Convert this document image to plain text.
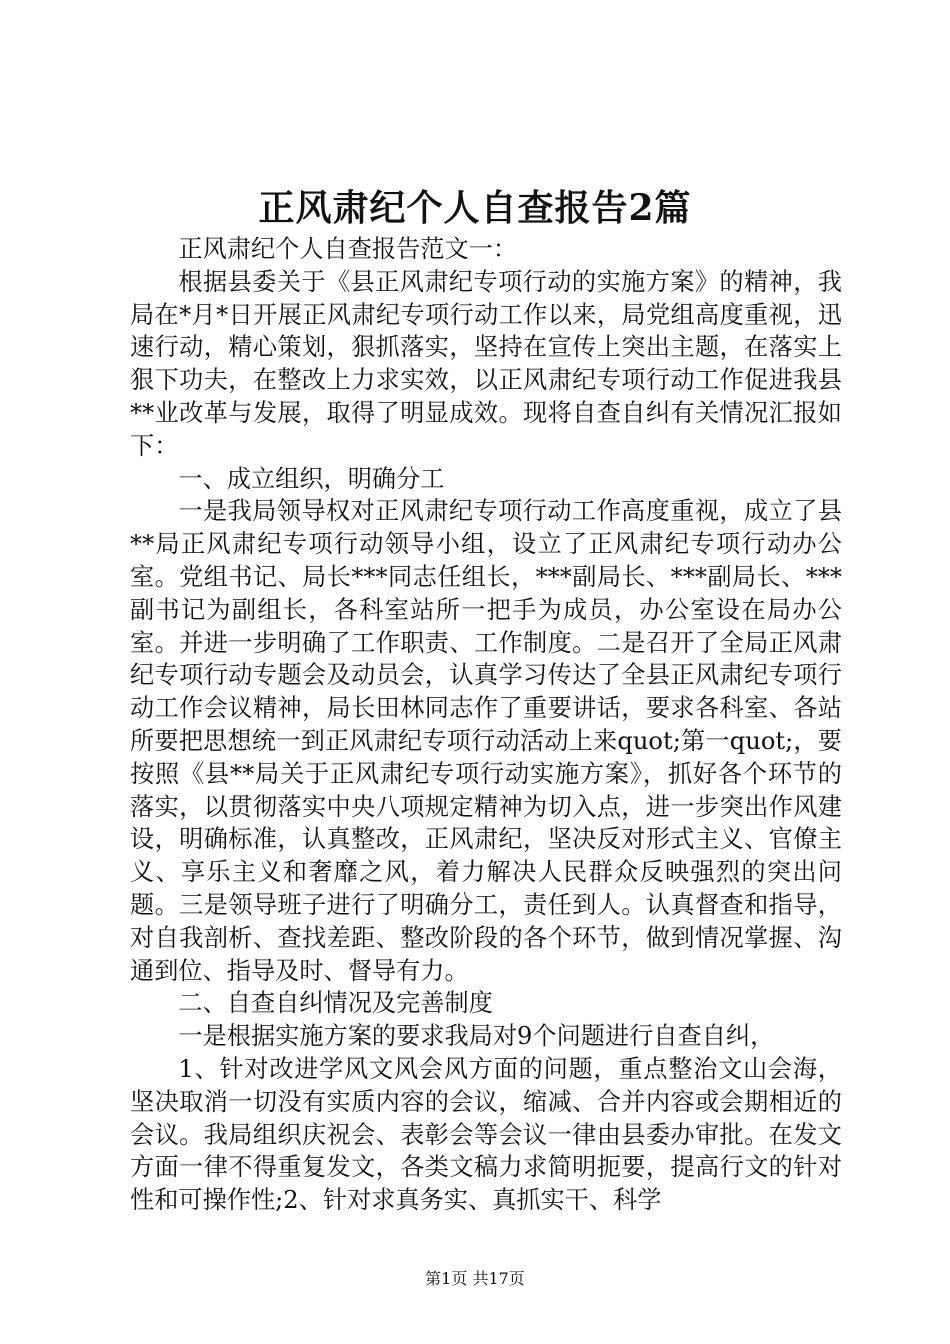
正风肃纪个人自查报告2篇

正风肃纪个人自查报告范文一：

根据县委关于《县正风肃纪专项行动的实施方案》的精神，我局在*月*日开展正风肃纪专项行动工作以来，局党组高度重视，迅速行动，精心策划，狠抓落实，坚持在宣传上突出主题，在落实上狠下功夫，在整改上力求实效，以正风肃纪专项行动工作促进我县**业改革与发展，取得了明显成效。现将自查自纠有关情况汇报如下：

一、成立组织，明确分工

一是我局领导权对正风肃纪专项行动工作高度重视，成立了县**局正风肃纪专项行动领导小组，设立了正风肃纪专项行动办公室。党组书记、局长***同志任组长，***副局长、***副局长、***副书记为副组长，各科室站所一把手为成员，办公室设在局办公室。并进一步明确了工作职责、工作制度。二是召开了全局正风肃纪专项行动专题会及动员会，认真学习传达了全县正风肃纪专项行动工作会议精神，局长田林同志作了重要讲话，要求各科室、各站所要把思想统一到正风肃纪专项行动活动上来quot;第一quot;，要按照《县**局关于正风肃纪专项行动实施方案》，抓好各个环节的落实，以贯彻落实中央八项规定精神为切入点，进一步突出作风建设，明确标准，认真整改，正风肃纪，坚决反对形式主义、官僚主义、享乐主义和奢靡之风，着力解决人民群众反映强烈的突出问题。三是领导班子进行了明确分工，责任到人。认真督查和指导，对自我剖析、查找差距、整改阶段的各个环节，做到情况掌握、沟通到位、指导及时、督导有力。

二、自查自纠情况及完善制度

一是根据实施方案的要求我局对9个问题进行自查自纠，

1、针对改进学风文风会风方面的问题，重点整治文山会海，坚决取消一切没有实质内容的会议，缩减、合并内容或会期相近的会议。我局组织庆祝会、表彰会等会议一律由县委办审批。在发文方面一律不得重复发文，各类文稿力求简明扼要，提高行文的针对性和可操作性;2、针对求真务实、真抓实干、科学

第1页 共17页
